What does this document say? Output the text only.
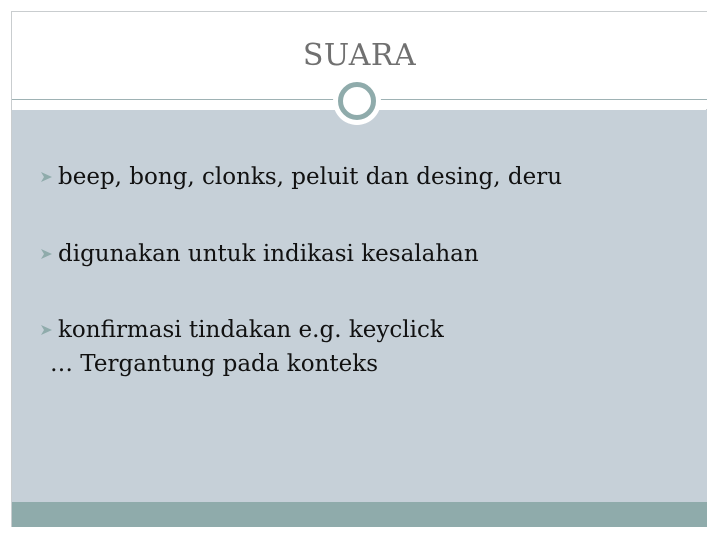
SUARA
beep, bong, clonks, peluit dan desing, deru
digunakan untuk indikasi kesalahan
konfirmasi tindakan e.g. keyclick
… Tergantung pada konteks
